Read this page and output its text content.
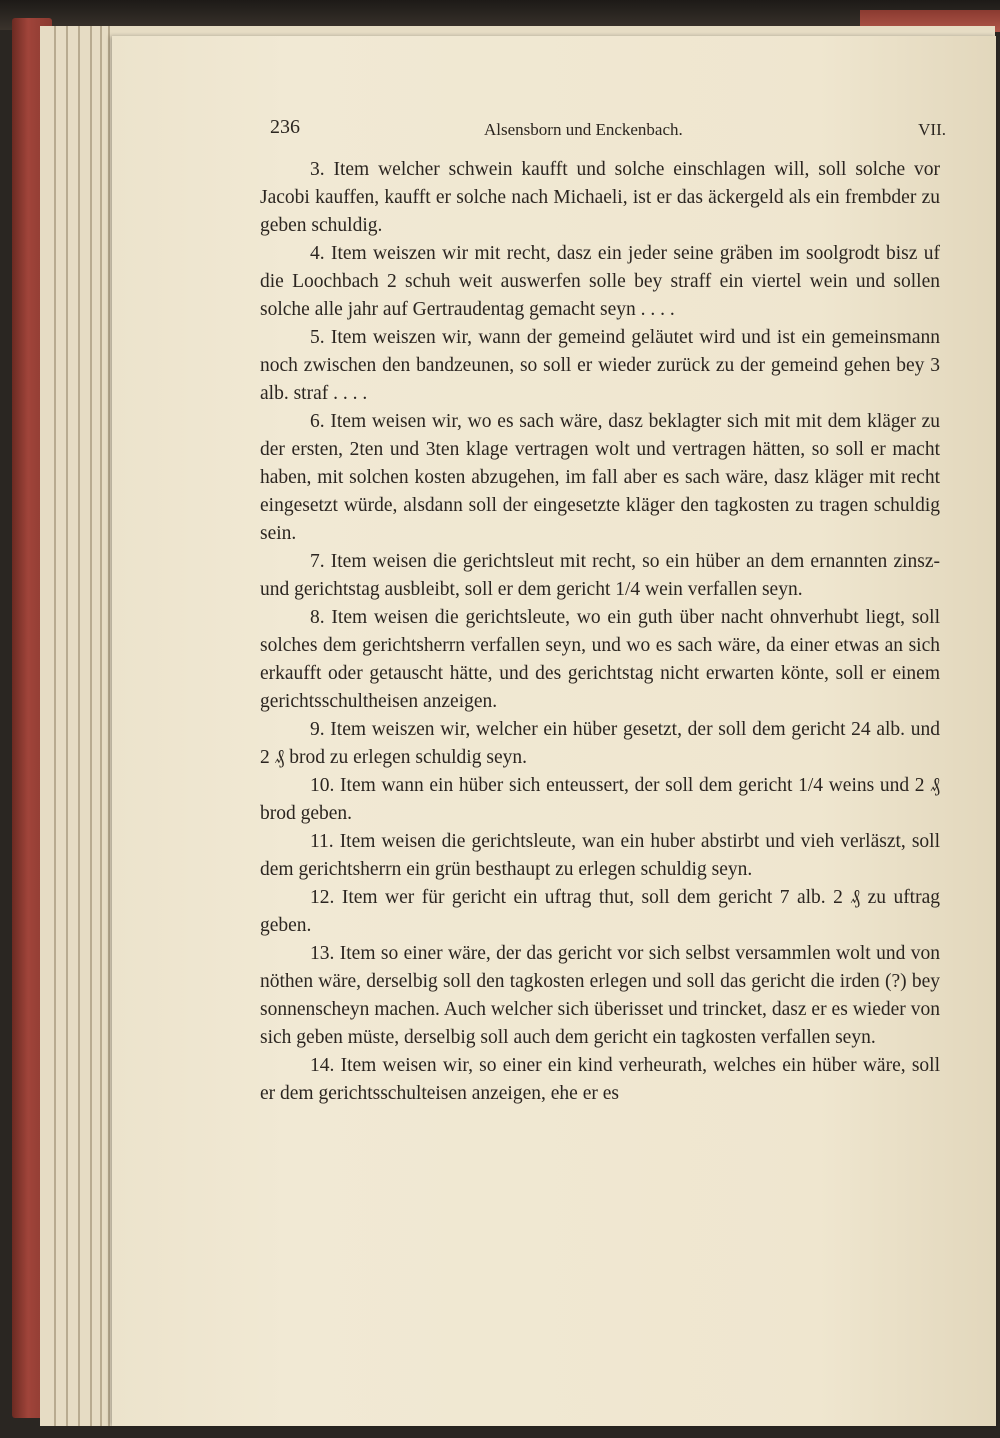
236	Alsensborn und Enckenbach.	VII.

3. Item welcher schwein kaufft und solche einschlagen will, soll solche vor Jacobi kauffen, kaufft er solche nach Michaeli, ist er das äckergeld als ein frembder zu geben schuldig.

4. Item weiszen wir mit recht, dasz ein jeder seine gräben im soolgrodt bisz uf die Loochbach 2 schuh weit auswerfen solle bey straff ein viertel wein und sollen solche alle jahr auf Gertraudentag gemacht seyn . . . .

5. Item weiszen wir, wann der gemeind geläutet wird und ist ein gemeinsmann noch zwischen den bandzeunen, so soll er wieder zurück zu der gemeind gehen bey 3 alb. straf . . . .

6. Item weisen wir, wo es sach wäre, dasz beklagter sich mit mit dem kläger zu der ersten, 2ten und 3ten klage vertragen wolt und vertragen hätten, so soll er macht haben, mit solchen kosten abzugehen, im fall aber es sach wäre, dasz kläger mit recht eingesetzt würde, alsdann soll der eingesetzte kläger den tagkosten zu tragen schuldig sein.

7. Item weisen die gerichtsleut mit recht, so ein hüber an dem ernannten zinsz- und gerichtstag ausbleibt, soll er dem gericht 1/4 wein verfallen seyn.

8. Item weisen die gerichtsleute, wo ein guth über nacht ohnverhubt liegt, soll solches dem gerichtsherrn verfallen seyn, und wo es sach wäre, da einer etwas an sich erkaufft oder getauscht hätte, und des gerichtstag nicht erwarten könte, soll er einem gerichtsschultheisen anzeigen.

9. Item weiszen wir, welcher ein hüber gesetzt, der soll dem gericht 24 alb. und 2 ₰ brod zu erlegen schuldig seyn.

10. Item wann ein hüber sich enteussert, der soll dem gericht 1/4 weins und 2 ₰ brod geben.

11. Item weisen die gerichtsleute, wan ein huber abstirbt und vieh verläszt, soll dem gerichtsherrn ein grün besthaupt zu erlegen schuldig seyn.

12. Item wer für gericht ein uftrag thut, soll dem gericht 7 alb. 2 ₰ zu uftrag geben.

13. Item so einer wäre, der das gericht vor sich selbst versammlen wolt und von nöthen wäre, derselbig soll den tagkosten erlegen und soll das gericht die irden (?) bey sonnenscheyn machen. Auch welcher sich überisset und trincket, dasz er es wieder von sich geben müste, derselbig soll auch dem gericht ein tagkosten verfallen seyn.

14. Item weisen wir, so einer ein kind verheurath, welches ein hüber wäre, soll er dem gerichtsschulteisen anzeigen, ehe er es
